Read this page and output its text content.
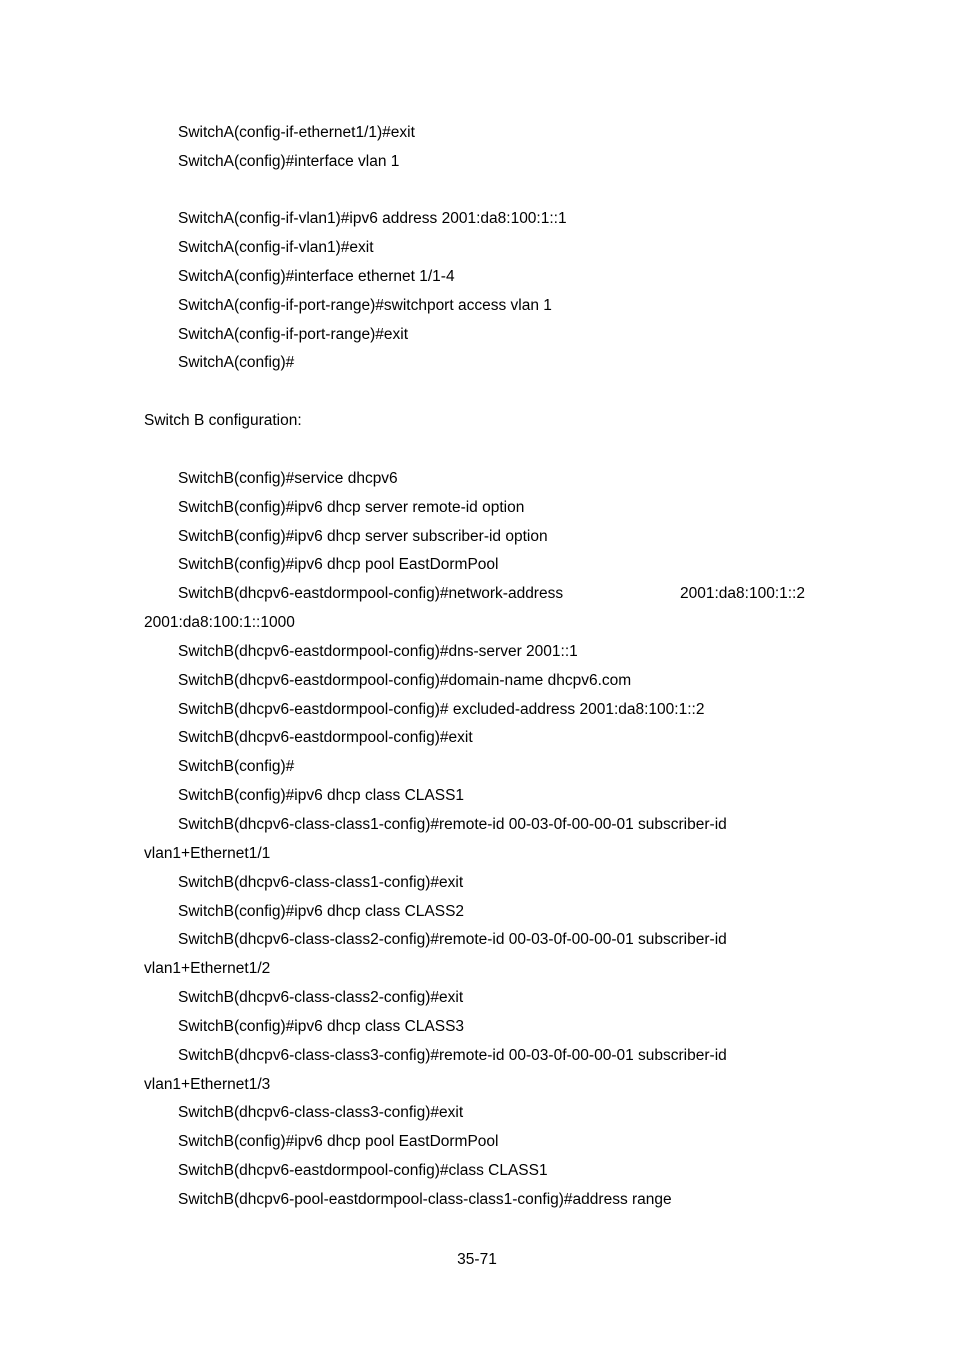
SwitchA(config-if-ethernet1/1)#exit
SwitchA(config)#interface vlan 1
SwitchA(config-if-vlan1)#ipv6 address 2001:da8:100:1::1
SwitchA(config-if-vlan1)#exit
SwitchA(config)#interface ethernet 1/1-4
SwitchA(config-if-port-range)#switchport access vlan 1
SwitchA(config-if-port-range)#exit
SwitchA(config)#
Switch B configuration:
SwitchB(config)#service dhcpv6
SwitchB(config)#ipv6 dhcp server remote-id option
SwitchB(config)#ipv6 dhcp server subscriber-id option
SwitchB(config)#ipv6 dhcp pool EastDormPool
SwitchB(dhcpv6-eastdormpool-config)#network-address	2001:da8:100:1::2
2001:da8:100:1::1000
SwitchB(dhcpv6-eastdormpool-config)#dns-server 2001::1
SwitchB(dhcpv6-eastdormpool-config)#domain-name dhcpv6.com
SwitchB(dhcpv6-eastdormpool-config)# excluded-address 2001:da8:100:1::2
SwitchB(dhcpv6-eastdormpool-config)#exit
SwitchB(config)#
SwitchB(config)#ipv6 dhcp class CLASS1
SwitchB(dhcpv6-class-class1-config)#remote-id 00-03-0f-00-00-01 subscriber-id
vlan1+Ethernet1/1
SwitchB(dhcpv6-class-class1-config)#exit
SwitchB(config)#ipv6 dhcp class CLASS2
SwitchB(dhcpv6-class-class2-config)#remote-id 00-03-0f-00-00-01 subscriber-id
vlan1+Ethernet1/2
SwitchB(dhcpv6-class-class2-config)#exit
SwitchB(config)#ipv6 dhcp class CLASS3
SwitchB(dhcpv6-class-class3-config)#remote-id 00-03-0f-00-00-01 subscriber-id
vlan1+Ethernet1/3
SwitchB(dhcpv6-class-class3-config)#exit
SwitchB(config)#ipv6 dhcp pool EastDormPool
SwitchB(dhcpv6-eastdormpool-config)#class CLASS1
SwitchB(dhcpv6-pool-eastdormpool-class-class1-config)#address range
35-71
